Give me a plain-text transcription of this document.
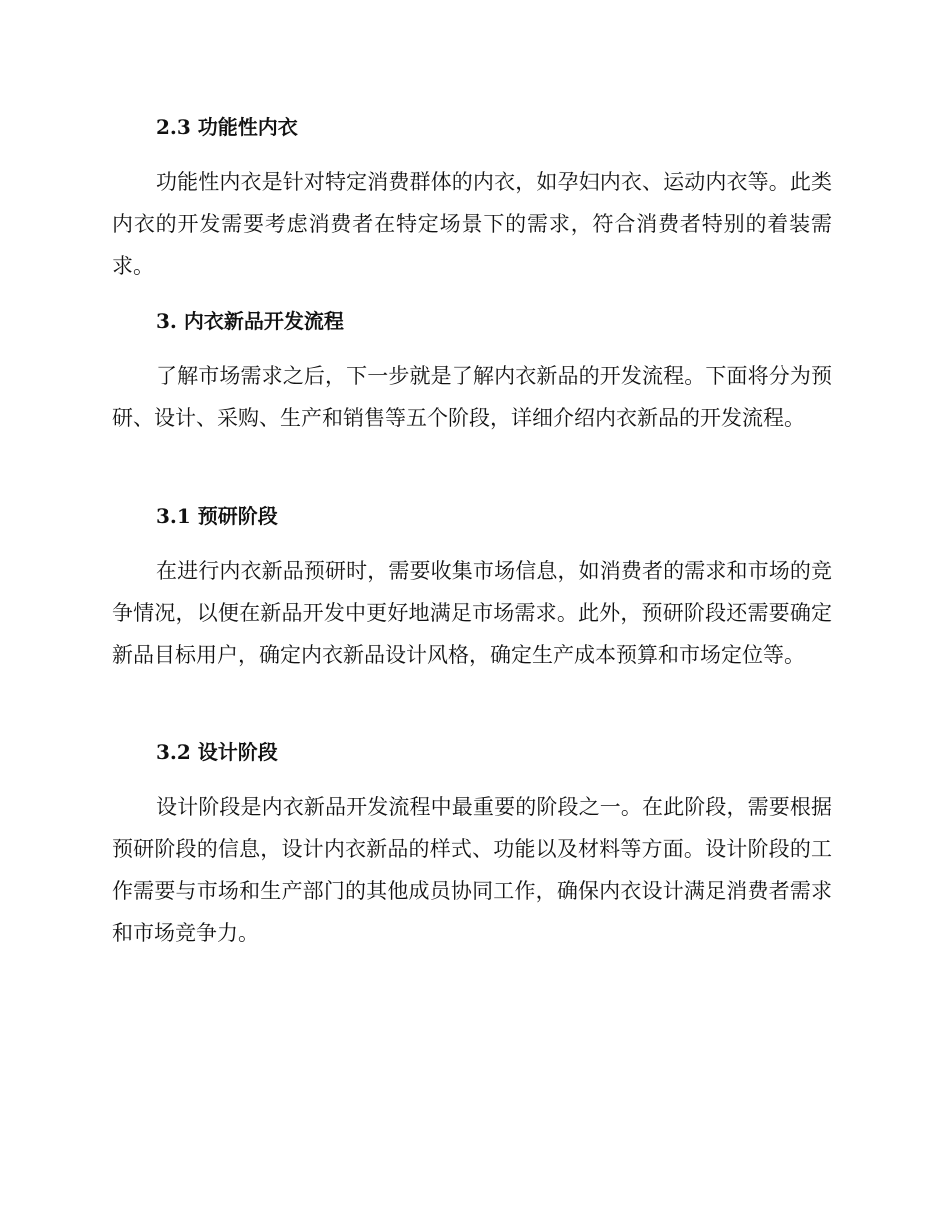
2.3 功能性内衣

功能性内衣是针对特定消费群体的内衣，如孕妇内衣、运动内衣等。此类内衣的开发需要考虑消费者在特定场景下的需求，符合消费者特别的着装需求。

3. 内衣新品开发流程

了解市场需求之后，下一步就是了解内衣新品的开发流程。下面将分为预研、设计、采购、生产和销售等五个阶段，详细介绍内衣新品的开发流程。

3.1 预研阶段

在进行内衣新品预研时，需要收集市场信息，如消费者的需求和市场的竞争情况，以便在新品开发中更好地满足市场需求。此外，预研阶段还需要确定新品目标用户，确定内衣新品设计风格，确定生产成本预算和市场定位等。

3.2 设计阶段

设计阶段是内衣新品开发流程中最重要的阶段之一。在此阶段，需要根据预研阶段的信息，设计内衣新品的样式、功能以及材料等方面。设计阶段的工作需要与市场和生产部门的其他成员协同工作，确保内衣设计满足消费者需求和市场竞争力。
